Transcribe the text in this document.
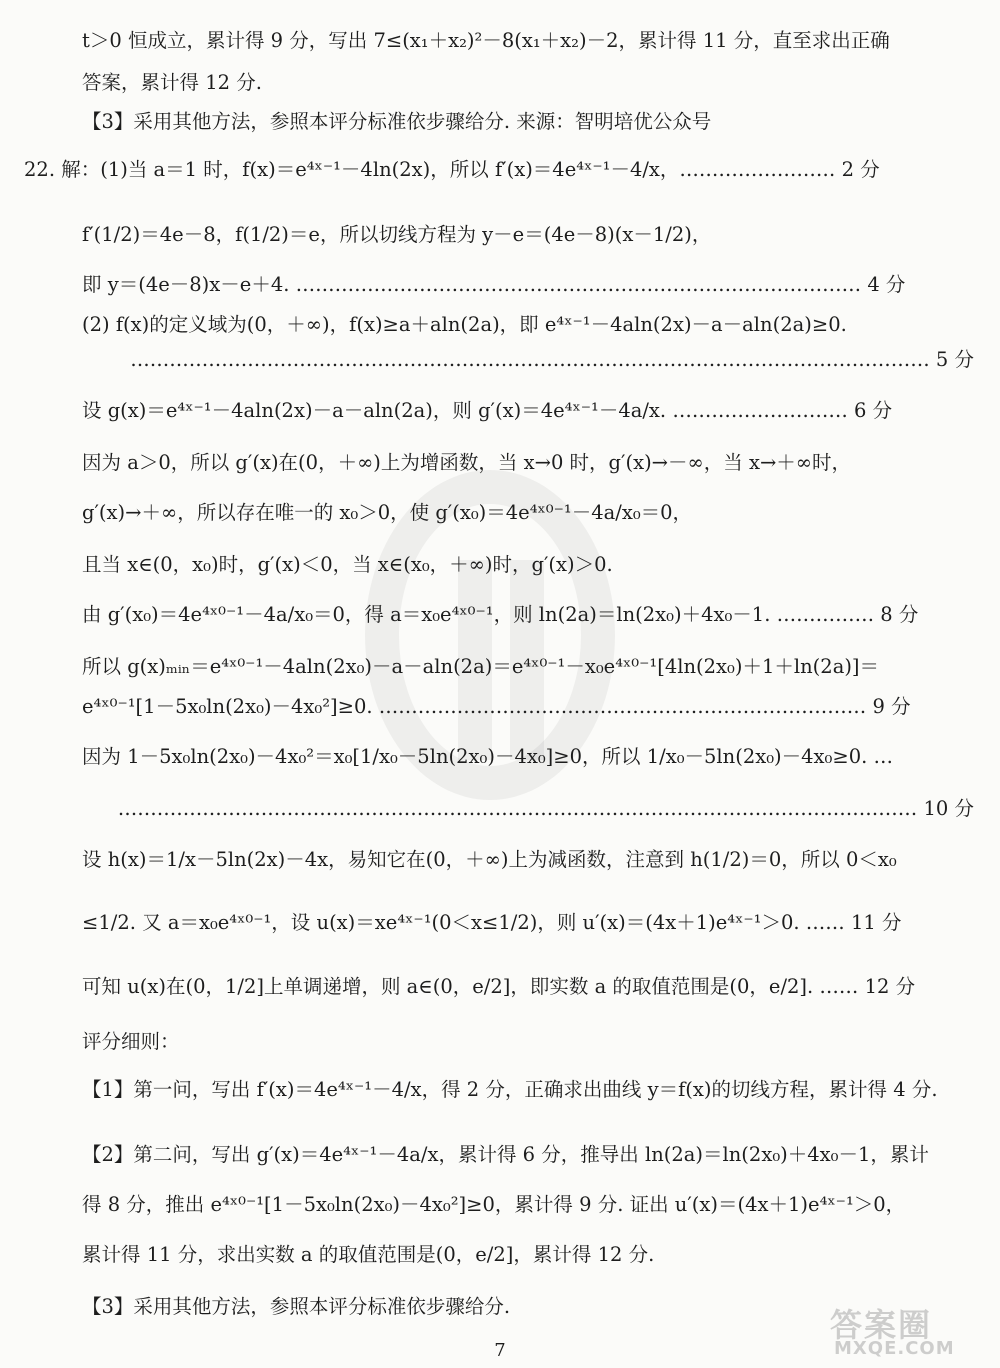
t＞0 恒成立，累计得 9 分，写出 7≤(x₁＋x₂)²－8(x₁＋x₂)－2，累计得 11 分，直至求出正确
答案，累计得 12 分.
【3】采用其他方法，参照本评分标准依步骤给分. 来源：智明培优公众号
22. 解：(1)当 a＝1 时，f(x)＝e⁴ˣ⁻¹－4ln(2x)，所以 f′(x)＝4e⁴ˣ⁻¹－4/x，…………………… 2 分
f′(1/2)＝4e－8，f(1/2)＝e，所以切线方程为 y－e＝(4e－8)(x－1/2)，
即 y＝(4e－8)x－e＋4. …………………………………………………………………………… 4 分
(2) f(x)的定义域为(0，＋∞)，f(x)≥a＋aln(2a)，即 e⁴ˣ⁻¹－4aln(2x)－a－aln(2a)≥0.
…………………………………………………………………………………………………………… 5 分
设 g(x)＝e⁴ˣ⁻¹－4aln(2x)－a－aln(2a)，则 g′(x)＝4e⁴ˣ⁻¹－4a/x. ……………………… 6 分
因为 a＞0，所以 g′(x)在(0，＋∞)上为增函数，当 x→0 时，g′(x)→－∞，当 x→＋∞时，
g′(x)→＋∞，所以存在唯一的 x₀＞0，使 g′(x₀)＝4e⁴ˣ⁰⁻¹－4a/x₀＝0，
且当 x∈(0，x₀)时，g′(x)＜0，当 x∈(x₀，＋∞)时，g′(x)＞0.
由 g′(x₀)＝4e⁴ˣ⁰⁻¹－4a/x₀＝0，得 a＝x₀e⁴ˣ⁰⁻¹，则 ln(2a)＝ln(2x₀)＋4x₀－1. …………… 8 分
所以 g(x)ₘᵢₙ＝e⁴ˣ⁰⁻¹－4aln(2x₀)－a－aln(2a)＝e⁴ˣ⁰⁻¹－x₀e⁴ˣ⁰⁻¹[4ln(2x₀)＋1＋ln(2a)]＝
e⁴ˣ⁰⁻¹[1－5x₀ln(2x₀)－4x₀²]≥0. ………………………………………………………………… 9 分
因为 1－5x₀ln(2x₀)－4x₀²＝x₀[1/x₀－5ln(2x₀)－4x₀]≥0，所以 1/x₀－5ln(2x₀)－4x₀≥0. …
…………………………………………………………………………………………………………… 10 分
设 h(x)＝1/x－5ln(2x)－4x，易知它在(0，＋∞)上为减函数，注意到 h(1/2)＝0，所以 0＜x₀
≤1/2. 又 a＝x₀e⁴ˣ⁰⁻¹，设 u(x)＝xe⁴ˣ⁻¹(0＜x≤1/2)，则 u′(x)＝(4x＋1)e⁴ˣ⁻¹＞0. …… 11 分
可知 u(x)在(0，1/2]上单调递增，则 a∈(0，e/2]，即实数 a 的取值范围是(0，e/2]. …… 12 分
评分细则：
【1】第一问，写出 f′(x)＝4e⁴ˣ⁻¹－4/x，得 2 分，正确求出曲线 y＝f(x)的切线方程，累计得 4 分.
【2】第二问，写出 g′(x)＝4e⁴ˣ⁻¹－4a/x，累计得 6 分，推导出 ln(2a)＝ln(2x₀)＋4x₀－1，累计
得 8 分，推出 e⁴ˣ⁰⁻¹[1－5x₀ln(2x₀)－4x₀²]≥0，累计得 9 分. 证出 u′(x)＝(4x＋1)e⁴ˣ⁻¹＞0，
累计得 11 分，求出实数 a 的取值范围是(0，e/2]，累计得 12 分.
【3】采用其他方法，参照本评分标准依步骤给分.	答案圈
MXQE.COM
7
